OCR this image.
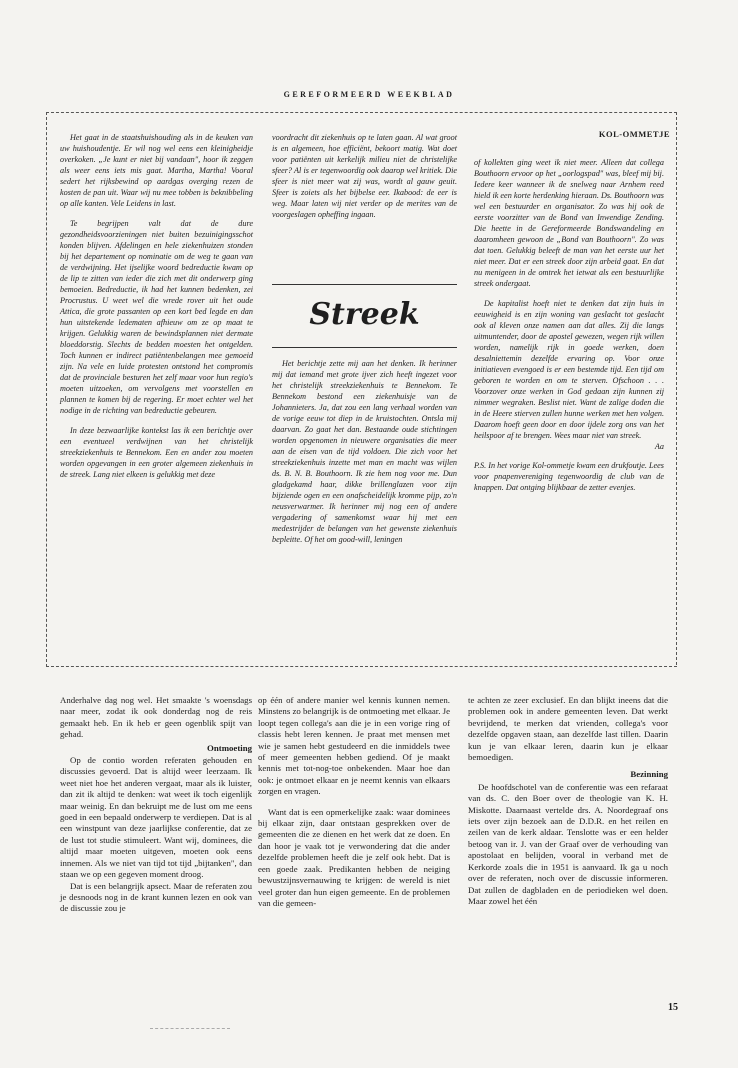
GEREFORMEERD WEEKBLAD

Het gaat in de staatshuishouding als in de keuken van uw huishoudentje. Er wil nog wel eens een kleinigheidje overkoken. „Je kunt er niet bij vandaan", hoor ik zeggen als weer eens iets mis gaat. Martha, Martha! Vooral sedert het rijksbewind op aardgas overging rezen de kosten de pan uit. Waar wij nu mee tobben is beknibbeling op alle kanten. Vele Leidens in last.

Te begrijpen valt dat de dure gezondheidsvoorzieningen niet buiten bezuinigingsschot konden blijven. Afdelingen en hele ziekenhuizen stonden bij het departement op nominatie om de weg te gaan van de verdwijning. Het ijselijke woord bedreductie kwam op de lip te zitten van ieder die zich met dit onderwerp ging bemoeien. Bedreductie, ik had het kunnen bedenken, zei Procrustus. U weet wel die wrede rover uit het oude Attica, die grote passanten op een kort bed legde en dan hun uitstekende ledematen afhieuw om ze op maat te krijgen. Gelukkig waren de bewindsplannen niet dermate bloeddorstig. Slechts de bedden moesten het ontgelden. Toch kunnen er indirect patiëntenbelangen mee gemoeid zijn. Na vele en luide protesten ontstond het compromis dat de provinciale besturen het zelf maar voor hun regio's moeten uitzoeken, om vervolgens met voorstellen en plannen te komen bij de regering. Er moet echter wel het nodige in de richting van bedreductie gebeuren.

In deze bezwaarlijke kontekst las ik een berichtje over een eventueel verdwijnen van het christelijk streekziekenhuis te Bennekom. Een en ander zou moeten worden opgevangen in een groter algemeen ziekenhuis in de streek. Lang niet elkeen is gelukkig met deze

voordracht dit ziekenhuis op te laten gaan. Al wat groot is en algemeen, hoe efficiënt, bekoort matig. Wat doet voor patiënten uit kerkelijk milieu niet de christelijke sfeer? Al is er tegenwoordig ook daarop wel kritiek. Die sfeer is niet meer wat zij was, wordt al gauw geuit. Sfeer is zoiets als het bijbelse eer. Ikabood: de eer is weg. Maar laten wij niet verder op de merites van de voorgeslagen opheffing ingaan.

Streek

Het berichtje zette mij aan het denken. Ik herinner mij dat iemand met grote ijver zich heeft ingezet voor het christelijk streekziekenhuis te Bennekom. Te Bennekom bestond een ziekenhuisje van de Johannieters. Ja, dat zou een lang verhaal worden van de vorige eeuw tot diep in de kruistochten. Ontsla mij daarvan. Zo gaat het dan. Bestaande oude stichtingen worden opgenomen in nieuwere organisaties die meer aan de eisen van de tijd voldoen. Die zich voor het streekziekenhuis inzette met man en macht was wijlen ds. B. N. B. Bouthoorn. Ik zie hem nog voor me. Dun gladgekamd haar, dikke brillenglazen voor zijn bijziende ogen en een onafscheidelijk kromme pijp, zo'n neusverwarmer. Ik herinner mij nog een of andere vergadering of samenkomst waar hij met een medestrijder de belangen van het gewenste ziekenhuis bepleitte. Of het om good-will, leningen

KOL-OMMETJE

of kollekten ging weet ik niet meer. Alleen dat collega Bouthoorn ervoor op het „oorlogspad" was, bleef mij bij. Iedere keer wanneer ik de snelweg naar Arnhem reed hield ik een korte herdenking hieraan. Ds. Bouthoorn was wel een bestuurder en organisator. Zo was hij ook de eerste voorzitter van de Bond van Inwendige Zending. Die heette in de Gereformeerde Bondswandeling en daaromheen gewoon de „Bond van Bouthoorn". Zo was dat toen. Gelukkig beleeft de man van het eerste uur het niet meer. Dat er een streek door zijn arbeid gaat. En dat nu menigeen in de omtrek het ietwat als een bestuurlijke streek ondergaat.

De kapitalist hoeft niet te denken dat zijn huis in eeuwigheid is en zijn woning van geslacht tot geslacht ook al kleven onze namen aan dat alles. Zij die langs uitmuntender, door de apostel gewezen, wegen rijk willen worden, namelijk rijk in goede werken, doen desalniettemin dezelfde ervaring op. Voor onze initiatieven evengoed is er een bestemde tijd. Een tijd om geboren te worden en om te sterven. Ofschoon . . . Voorzover onze werken in God gedaan zijn kunnen zij nimmer wegraken. Beslist niet. Want de zalige doden die in de Heere stierven zullen hunne werken met hen volgen. Daarom hoeft geen door en door ijdele zorg ons van het heilspoor af te brengen. Wees maar niet van streek.

Aa

P.S. In het vorige Kol-ommetje kwam een drukfoutje. Lees voor pnapenvereniging tegenwoordig de club van de knappen. Dat ontging blijkbaar de zetter evenjes.

Anderhalve dag nog wel. Het smaakte 's woensdags naar meer, zodat ik ook donderdag nog de reis gemaakt heb. En ik heb er geen ogenblik spijt van gehad.

Ontmoeting

Op de contio worden referaten gehouden en discussies gevoerd. Dat is altijd weer leerzaam. Ik weet niet hoe het anderen vergaat, maar als ik luister, dan zit ik altijd te denken: wat weet ik toch eigenlijk maar weinig. En dan bekruipt me de lust om me eens goed in een bepaald onderwerp te verdiepen. Dat is al een winstpunt van deze jaarlijkse conferentie, dat ze de lust tot studie stimuleert. Want wij, dominees, die altijd maar moeten uitgeven, moeten ook eens innemen. Als we niet van tijd tot tijd „bijtanken", dan staan we op een gegeven moment droog.

Dat is een belangrijk apsect. Maar de referaten zou je desnoods nog in de krant kunnen lezen en ook van de discussie zou je

op één of andere manier wel kennis kunnen nemen. Minstens zo belangrijk is de ontmoeting met elkaar. Je loopt tegen collega's aan die je in een vorige ring of classis hebt leren kennen. Je praat met mensen met wie je samen hebt gestudeerd en die inmiddels twee of meer gemeenten hebben gediend. Of je maakt kennis met tot-nog-toe onbekenden. Maar hoe dan ook: je ontmoet elkaar en je neemt kennis van elkaars zorgen en vragen.

Want dat is een opmerkelijke zaak: waar dominees bij elkaar zijn, daar ontstaan gesprekken over de gemeenten die ze dienen en het werk dat ze doen. En dan hoor je vaak tot je verwondering dat die ander dezelfde problemen heeft die je zelf ook hebt. Dat is een goede zaak. Predikanten hebben de neiging bewustzijnsvernauwing te krijgen: de wereld is niet veel groter dan hun eigen gemeente. En de problemen van die gemeen-

te achten ze zeer exclusief. En dan blijkt ineens dat die problemen ook in andere gemeenten leven. Dat werkt bevrijdend, te merken dat vrienden, collega's voor dezelfde opgaven staan, aan dezelfde last tillen. Daarin kun je van elkaar leren, daarin kun je elkaar bemoedigen.

Bezinning

De hoofdschotel van de conferentie was een refaraat van ds. C. den Boer over de theologie van K. H. Miskotte. Daarnaast vertelde drs. A. Noordegraaf ons iets over zijn bezoek aan de D.D.R. en het reilen en zeilen van de kerk aldaar. Tenslotte was er een helder betoog van ir. J. van der Graaf over de verhouding van apostolaat en belijden, vooral in verband met de Kerkorde zoals die in 1951 is aanvaard. Ik ga u noch over de referaten, noch over de discussie informeren. Dat zullen de dagbladen en de periodieken wel doen. Maar zowel het één

15
